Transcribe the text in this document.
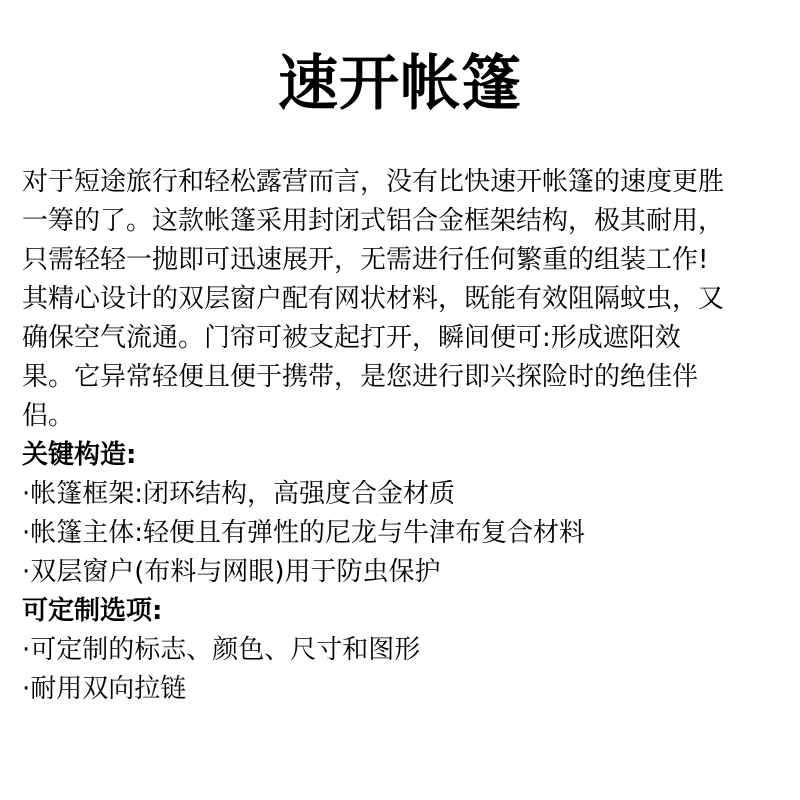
速开帐篷
对于短途旅行和轻松露营而言，没有比快速开帐篷的速度更胜
一筹的了。这款帐篷采用封闭式铝合金框架结构，极其耐用，
只需轻轻一抛即可迅速展开，无需进行任何繁重的组装工作!
其精心设计的双层窗户配有网状材料，既能有效阻隔蚊虫，又
确保空气流通。门帘可被支起打开，瞬间便可:形成遮阳效
果。它异常轻便且便于携带，是您进行即兴探险时的绝佳伴
侣。
关键构造:
·帐篷框架:闭环结构，高强度合金材质
·帐篷主体:轻便且有弹性的尼龙与牛津布复合材料
·双层窗户(布料与网眼)用于防虫保护
可定制选项:
·可定制的标志、颜色、尺寸和图形
·耐用双向拉链
